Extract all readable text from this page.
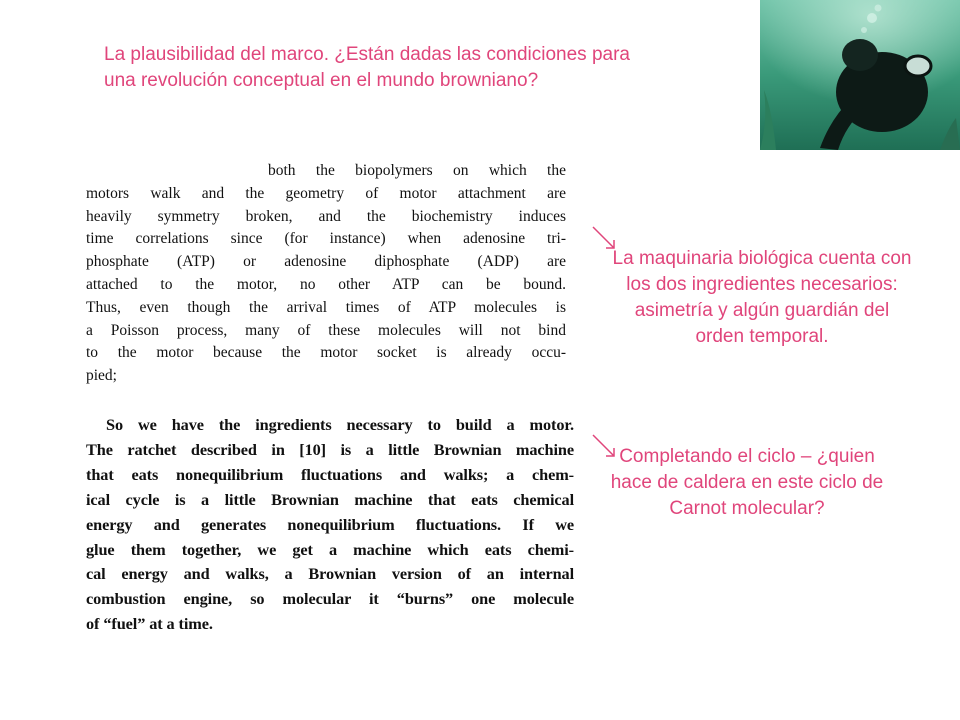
La plausibilidad del marco. ¿Están dadas las condiciones para una revolución conceptual en el mundo browniano?
both the biopolymers on which the
motors walk and the geometry of motor attachment are
heavily symmetry broken, and the biochemistry induces
time correlations since (for instance) when adenosine tri-
phosphate (ATP) or adenosine diphosphate (ADP) are
attached to the motor, no other ATP can be bound.
Thus, even though the arrival times of ATP molecules is
a Poisson process, many of these molecules will not bind
to the motor because the motor socket is already occu-
pied;
So we have the ingredients necessary to build a motor.
The ratchet described in [10] is a little Brownian machine
that eats nonequilibrium fluctuations and walks; a chem-
ical cycle is a little Brownian machine that eats chemical
energy and generates nonequilibrium fluctuations. If we
glue them together, we get a machine which eats chemi-
cal energy and walks, a Brownian version of an internal
combustion engine, so molecular it “burns” one molecule
of “fuel” at a time.
La maquinaria biológica cuenta con los dos ingredientes necesarios: asimetría y algún guardián del orden temporal.
Completando el ciclo – ¿quien hace de caldera en este ciclo de Carnot molecular?
